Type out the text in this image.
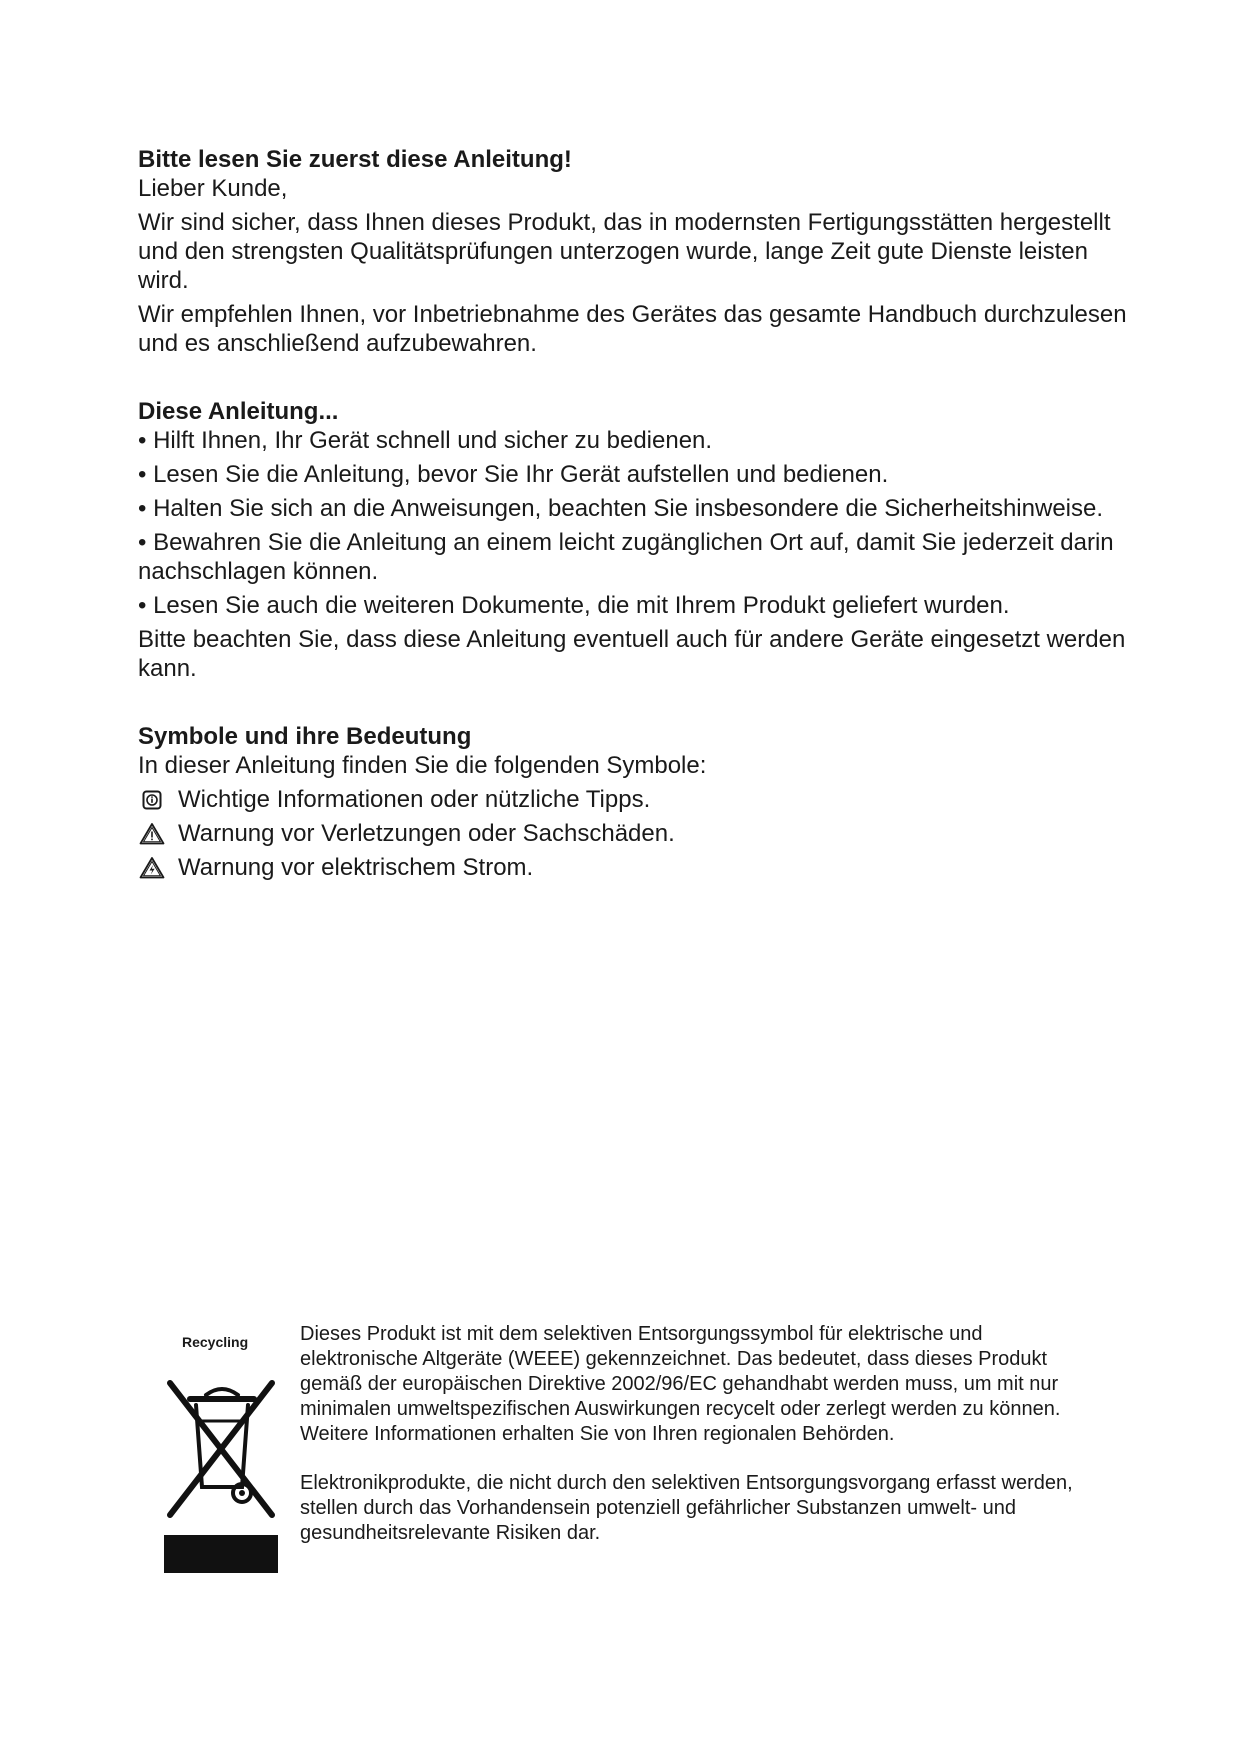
Bitte lesen Sie zuerst diese Anleitung!

Lieber Kunde,

Wir sind sicher, dass Ihnen dieses Produkt, das in modernsten Fertigungsstätten hergestellt und den strengsten Qualitätsprüfungen unterzogen wurde, lange Zeit gute Dienste leisten wird.

Wir empfehlen Ihnen, vor Inbetriebnahme des Gerätes das gesamte Handbuch durchzulesen und es anschließend aufzubewahren.

Diese Anleitung...

• Hilft Ihnen, Ihr Gerät schnell und sicher zu bedienen.

• Lesen Sie die Anleitung, bevor Sie Ihr Gerät aufstellen und bedienen.

• Halten Sie sich an die Anweisungen, beachten Sie insbesondere die Sicherheitshinweise.

• Bewahren Sie die Anleitung an einem leicht zugänglichen Ort auf, damit Sie jederzeit darin nachschlagen können.

• Lesen Sie auch die weiteren Dokumente, die mit Ihrem Produkt geliefert wurden.

Bitte beachten Sie, dass diese Anleitung eventuell auch für andere Geräte eingesetzt werden kann.

Symbole und ihre Bedeutung

In dieser Anleitung finden Sie die folgenden Symbole:

Wichtige Informationen oder nützliche Tipps.
Warnung vor Verletzungen oder Sachschäden.
Warnung vor elektrischem Strom.
Recycling	Dieses Produkt ist mit dem selektiven Entsorgungssymbol für elektrische und elektronische Altgeräte (WEEE) gekennzeichnet. Das bedeutet, dass dieses Produkt gemäß der europäischen Direktive 2002/96/EC gehandhabt werden muss, um mit nur minimalen umweltspezifischen Auswirkungen recycelt oder zerlegt werden zu können. Weitere Informationen erhalten Sie von Ihren regionalen Behörden.

Elektronikprodukte, die nicht durch den selektiven Entsorgungsvorgang erfasst werden, stellen durch das Vorhandensein potenziell gefährlicher Substanzen umwelt- und gesundheitsrelevante Risiken dar.
